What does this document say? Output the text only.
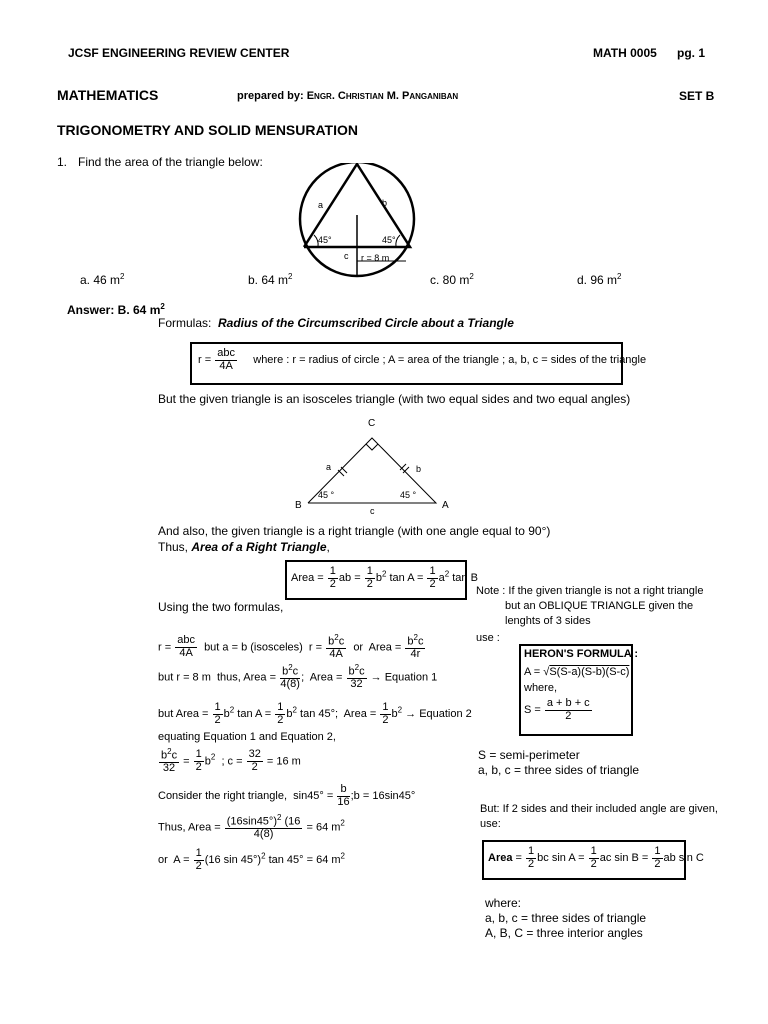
JCSF ENGINEERING REVIEW CENTER	MATH 0005 pg. 1
MATHEMATICS	prepared by: Engr. Christian M. Panganiban	SET B
TRIGONOMETRY AND SOLID MENSURATION
1. Find the area of the triangle below:
a	b
45°	45°
c r = 8 m
a. 46 $m^2$	b. 64 $m^2$	c. 80 $m^2$	d. 96 $m^2$
Answer: B. 64 $m^2$
Formulas: Radius of the Circumscribed Circle about a Triangle
$r = \frac{\text{abc}}{4A}$ where : r = radius of circle ; A = area of the triangle ; a, b, c = sides of the triangle
But the given triangle is an isosceles triangle (with two equal sides and two equal angles)
C
B	A
a	b
c
45 °	45 °
And also, the given triangle is a right triangle (with one angle equal to 90°)
Thus, Area of a Right Triangle,
Area = $\frac{1}{2}$ ab = $\frac{1}{2} b^2$ $\tan A = \frac{1}{2} a^2$ tan B
Using the two formulas,
$r = \frac{\text{abc}}{4A}$ but a = b (isosceles)  $r = \frac{b^2c}{4A}$ or  Area = $\frac{b^2c}{4r}$
but r = 8 m  thus, Area = $\frac{b^2c}{4(8)}$ ;  Area = $\frac{b^2c}{32}$ → Equation 1
but Area = $\frac{1}{2} b^2$ $\tan A = \frac{1}{2} b^2$ tan 45°;  Area = $\frac{1}{2} b^2$ → Equation 2
equating Equation 1 and Equation 2,
$\frac{b^2c}{32} = \frac{1}{2} b^2$  ; $c = \frac{32}{2} = 16$ m
Consider the right triangle,  $\sin 45^\circ = \frac{b}{16}$ ;b = 16sin45°
Thus, Area = $\frac{(16\sin 45^\circ)^2 (16}{4(8)} = 64$ $m^2$
or  $A = \frac{1}{2} (16$ sin 45°)$^2$ tan 45° = 64 $m^2$
Note : If the given triangle is not a right triangle
but an OBLIQUE TRIANGLE given the
lenghts of 3 sides
use :
HERON'S FORMULA :
A = √S(S-a)(S-b)(S-c)
where,
$S = \frac{a + b + c}{2}$
S = semi-perimeter
a, b, c = three sides of triangle
But: If 2 sides and their included angle are given,
use:
Area = $\frac{1}{2}$ bc $\sin A = \frac{1}{2}$ ac $\sin B = \frac{1}{2}$ ab sin C
where:
a, b, c = three sides of triangle
A, B, C = three interior angles
